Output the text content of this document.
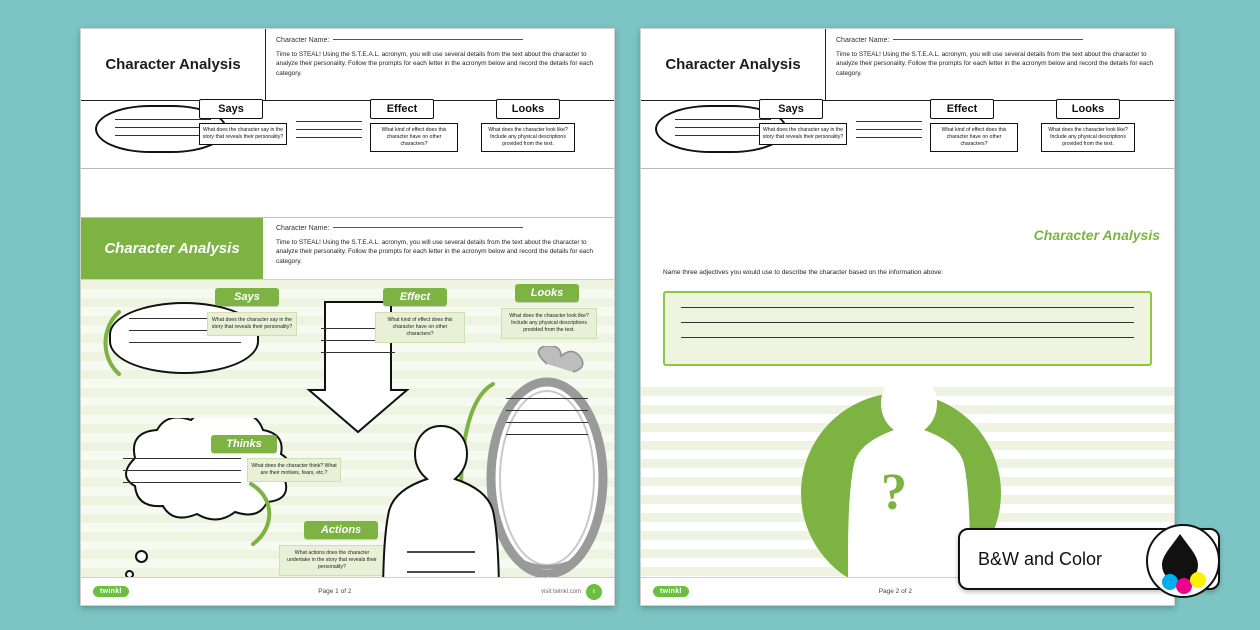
Character Analysis
Character Name:
Time to STEAL! Using the S.T.E.A.L. acronym, you will use several details from the text about the character to analyze their personality. Follow the prompts for each letter in the acronym below and record the details for each category.
Says
What does the character say in the story that reveals their personality?
Effect
What kind of effect does this character have on other characters?
Looks
What does the character look like? Include any physical descriptions provided from the text.
Character Analysis
Character Name:
Time to STEAL! Using the S.T.E.A.L. acronym, you will use several details from the text about the character to analyze their personality. Follow the prompts for each letter in the acronym below and record the details for each category.
Says
What does the character say in the story that reveals their personality?
Effect
What kind of effect does this character have on other characters?
Looks
What does the character look like? Include any physical descriptions provided from the text.
Actions
What actions does the character undertake in the story that reveals their personality?
Thinks
What does the character think? What are their motives, fears, etc.?
twinkl	Page 1 of 2	visit twinkl.com	t
Character Analysis
Character Name:
Time to STEAL! Using the S.T.E.A.L. acronym, you will use several details from the text about the character to analyze their personality. Follow the prompts for each letter in the acronym below and record the details for each category.
Says
What does the character say in the story that reveals their personality?
Effect
What kind of effect does this character have on other characters?
Looks
What does the character look like? Include any physical descriptions provided from the text.
Character Analysis
Name three adjectives you would use to describe the character based on the information above:
?
twinkl	Page 2 of 2
B&W and Color
